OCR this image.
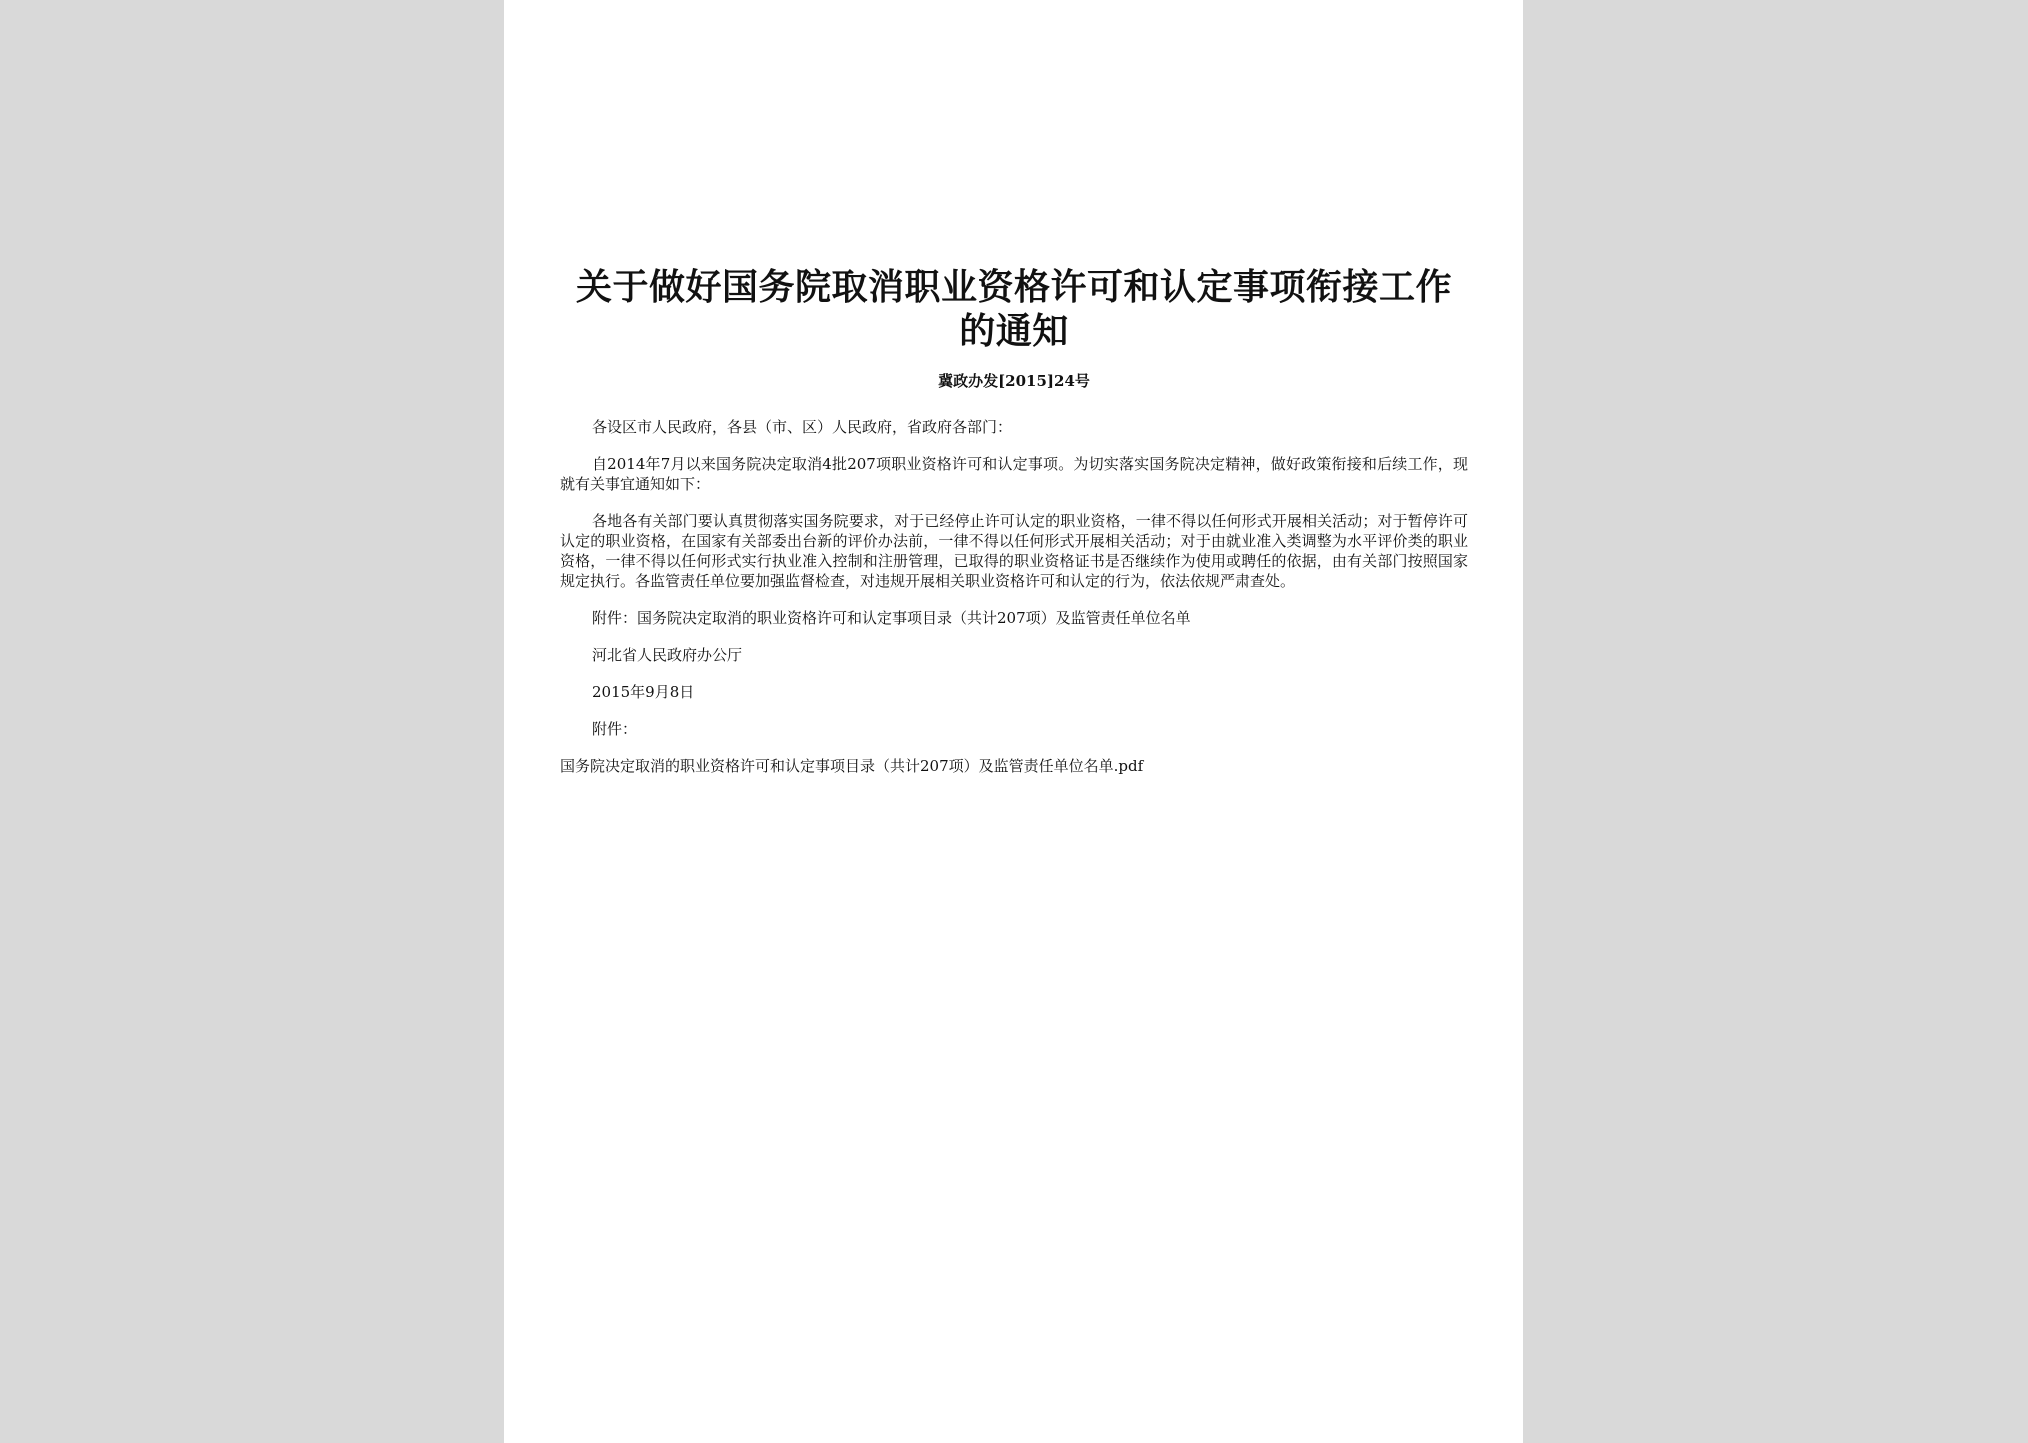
关于做好国务院取消职业资格许可和认定事项衔接工作的通知
冀政办发[2015]24号

各设区市人民政府，各县（市、区）人民政府，省政府各部门：

自2014年7月以来国务院决定取消4批207项职业资格许可和认定事项。为切实落实国务院决定精神，做好政策衔接和后续工作，现就有关事宜通知如下：

各地各有关部门要认真贯彻落实国务院要求，对于已经停止许可认定的职业资格，一律不得以任何形式开展相关活动；对于暂停许可认定的职业资格，在国家有关部委出台新的评价办法前，一律不得以任何形式开展相关活动；对于由就业准入类调整为水平评价类的职业资格，一律不得以任何形式实行执业准入控制和注册管理，已取得的职业资格证书是否继续作为使用或聘任的依据，由有关部门按照国家规定执行。各监管责任单位要加强监督检查，对违规开展相关职业资格许可和认定的行为，依法依规严肃查处。

附件：国务院决定取消的职业资格许可和认定事项目录（共计207项）及监管责任单位名单

河北省人民政府办公厅

2015年9月8日

附件：

国务院决定取消的职业资格许可和认定事项目录（共计207项）及监管责任单位名单.pdf
